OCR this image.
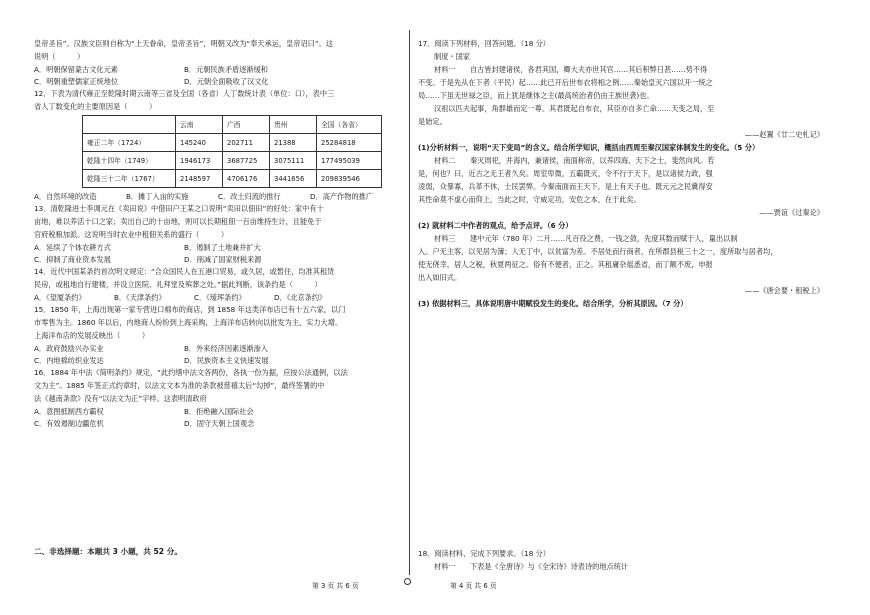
皇帝圣旨”。汉族文臣则自称为“上天眷命，皇帝圣旨”，明朝又改为“奉天承运，皇帝诏曰”。这

说明（　　　）

A．明朝保留蒙古文化元素	B．元朝民族矛盾逐渐缓和
C．明朝重塑儒家正统地位	D．元朝全面吸收了汉文化

12．下表为清代雍正至乾隆时期云南等三省及全国（各省）人丁数统计表（单位：口），表中三

省人丁数变化的主要原因是（　　　）

	云南	广西	贵州	全国（各省）
雍正二年（1724）	145240	202711	21388	25284818
乾隆十四年（1749）	1946173	3687725	3075111	177495039
乾隆三十二年（1767）	2148597	4706176	3441656	209839546
A．自然环境的改造	B．摊丁入亩的实施	C．改土归流的推行	D．高产作物的推广

13．清乾隆进士李调元在《卖田说》中借田户王某之口说明“卖田以佃田”的好处：家中有十

亩地，难以养活十口之家；卖出自己的十亩地，则可以长期租佃一百亩维持生计，且能免于

官府税粮加派。这说明当时农业中租佃关系的盛行（　　　）

A．延续了个体农耕方式	B．遏制了土地兼并扩大
C．抑制了商业资本发展	D．削减了国家财税来源

14．近代中国某条约首次明文规定：“合众国民人在五港口贸易，或久居，或暂住，均准其租赁

民房，或租地自行建楼，并设立医院、礼拜堂及殡葬之处。”据此判断，该条约是（　　　）

A．《望厦条约》	B．《天津条约》	C．《瑷珲条约》	D．《北京条约》

15．1850 年，上海出现第一家专营进口棉布的商店，到 1858 年这类洋布店已有十五六家，以门

市零售为主。1860 年以后，内地商人纷纷到上海采购，上海洋布店转向以批发为主，实力大增。

上海洋布店的发展反映出（　　　）

A．政府鼓励兴办实业	B．外来经济因素逐渐渗入
C．内地棉纺织业发达	D．民族资本主义快速发展

16．1884 年中法《简明条约》规定，“此约缮中法文各两份，各执一份为据，应按公法通例，以法

文为主”。1885 年签正式约章时，以法文文本为准的条款被慈禧太后“勾掉”，最终签署的中

法《越南条款》没有“以法文为正”字样。这表明清政府

A．意图抵制西方霸权	B．拒绝融入国际社会
C．有效遏制边疆危机	D．固守天朝上国观念
二、非选择题：本题共 3 小题，共 52 分。

17．阅读下列材料，回答问题。（18 分）

制度・国家

材料一　　自古皆封建诸侯，各君其国，卿大夫亦世其官……其后积弊日甚……势不得

不变。于是先从在下者（平民）起……此已开后世布衣将相之例……秦始皇灭六国以开一统之

局……下虽无世禄之臣，而上犹是继体之主(最高统治者仍由王族世袭)也。

汉祖以匹夫起事，角群雄而定一尊。其君既起自布衣，其臣亦自多亡命……天变之局，至

是始定。

——赵翼《廿二史札记》

(1)分析材料一，说明“天下变局”的含义。结合所学知识，概括由西周至秦汉国家体制发生的变化。（5 分）

材料二　　秦灭周祀，并海内，兼诸侯，南面称帝，以养四海，天下之士，斐然向风。若

是，何也？曰，近古之无王者久矣。周室卑微，五霸既灭，令不行于天下，是以诸侯力政，强

凌弱，众暴寡，兵革不休，士民罢弊。今秦南面而王天下，是上有天子也。既元元之民冀得安

其性命莫不虚心而仰上，当此之时，守威定功，安危之本，在于此矣。

——贾谊《过秦论》

(2) 就材料二中作者的观点，给予点评。（6 分）

材料三　　建中元年（780 年）二月……凡百役之费，一钱之敛，先度其数而赋于人，量出以制

入。户无主客，以见居为簿；人无丁中，以贫富为差。不居处而行商者，在所郡县税三十之一，度所取与居者均，

使无侥幸。居人之税，秋夏两征之。俗有不便者，正之。其租庸杂徭悉省，而丁额不废，申报

出入如旧式。

——《唐会要・租税上》

(3) 依据材料三，具体说明唐中期赋役发生的变化。结合所学，分析其原因。（7 分）

18．阅读材料，完成下列要求。（18 分）

材料一　　下表是《全唐诗》与《全宋诗》诗表诗的地点统计

第 3 页 共 6 页	第 4 页 共 6 页
